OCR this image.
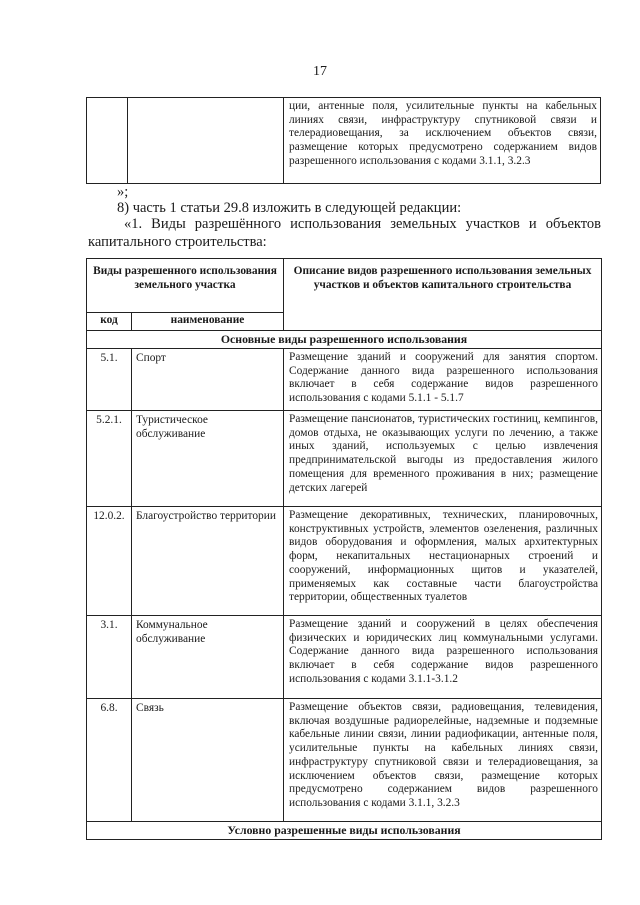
17
		ции, антенные поля, усилительные пункты на кабельных линиях связи, инфраструктуру спутниковой связи и телерадиовещания, за исключением объектов связи, размещение которых предусмотрено содержанием видов разрешенного использования с кодами 3.1.1, 3.2.3
»;
8) часть 1 статьи 29.8 изложить в следующей редакции:
«1. Виды разрешённого использования земельных участков и объектов капитального строительства:
Виды разрешенного использования земельного участка		Описание видов разрешенного использования земельных участков и объектов капитального строительства
код	наименование	
Основные виды разрешенного использования		
5.1.	Спорт	Размещение зданий и сооружений для занятия спортом. Содержание данного вида разрешенного использования включает в себя содержание видов разрешенного использования с кодами 5.1.1 - 5.1.7
5.2.1.	Туристическое обслуживание	Размещение пансионатов, туристических гостиниц, кемпингов, домов отдыха, не оказывающих услуги по лечению, а также иных зданий, используемых с целью извлечения предпринимательской выгоды из предоставления жилого помещения для временного проживания в них; размещение детских лагерей
12.0.2.	Благоустройство территории	Размещение декоративных, технических, планировочных, конструктивных устройств, элементов озеленения, различных видов оборудования и оформления, малых архитектурных форм, некапитальных нестационарных строений и сооружений, информационных щитов и указателей, применяемых как составные части благоустройства территории, общественных туалетов
3.1.	Коммунальное обслуживание	Размещение зданий и сооружений в целях обеспечения физических и юридических лиц коммунальными услугами. Содержание данного вида разрешенного использования включает в себя содержание видов разрешенного использования с кодами 3.1.1-3.1.2
6.8.	Связь	Размещение объектов связи, радиовещания, телевидения, включая воздушные радиорелейные, надземные и подземные кабельные линии связи, линии радиофикации, антенные поля, усилительные пункты на кабельных линиях связи, инфраструктуру спутниковой связи и телерадиовещания, за исключением объектов связи, размещение которых предусмотрено содержанием видов разрешенного использования с кодами 3.1.1, 3.2.3
Условно разрешенные виды использования		
